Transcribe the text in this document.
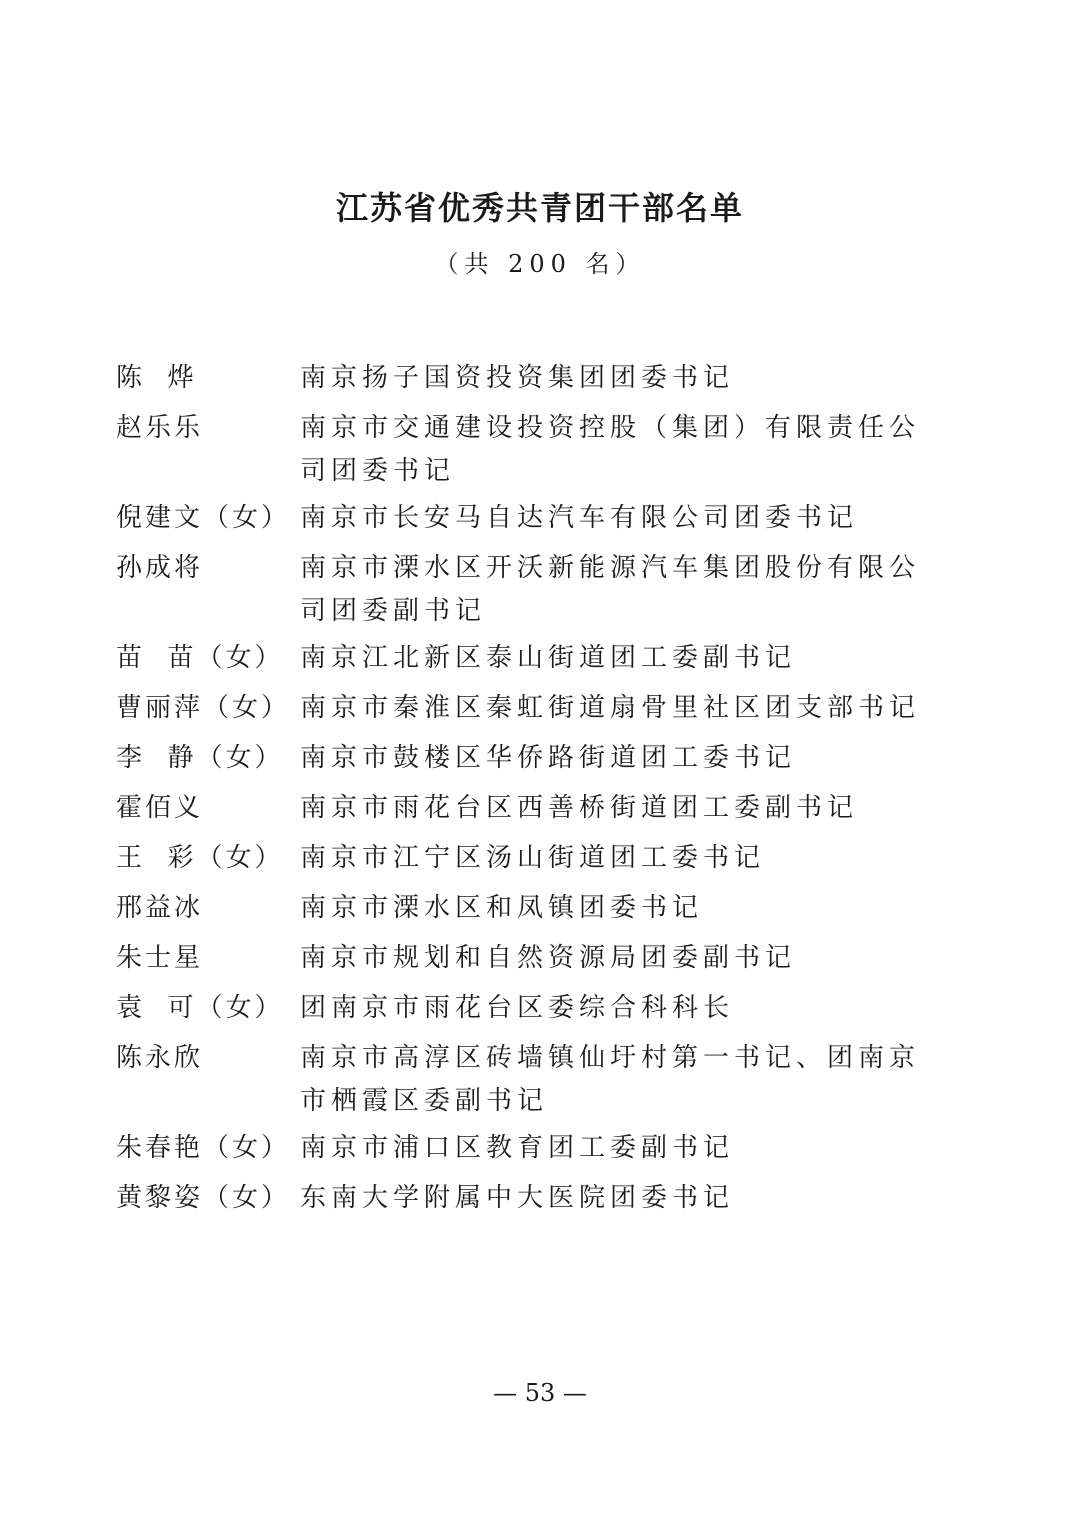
江苏省优秀共青团干部名单
（共 200 名）
陈  烨	南京扬子国资投资集团团委书记
赵乐乐	南京市交通建设投资控股（集团）有限责任公司团委书记
倪建文（女） 南京市长安马自达汽车有限公司团委书记
孙成将	南京市溧水区开沃新能源汽车集团股份有限公司团委副书记
苗  苗（女） 南京江北新区泰山街道团工委副书记
曹丽萍（女） 南京市秦淮区秦虹街道扇骨里社区团支部书记
李  静（女） 南京市鼓楼区华侨路街道团工委书记
霍佰义	南京市雨花台区西善桥街道团工委副书记
王  彩（女） 南京市江宁区汤山街道团工委书记
邢益冰	南京市溧水区和凤镇团委书记
朱士星	南京市规划和自然资源局团委副书记
袁  可（女） 团南京市雨花台区委综合科科长
陈永欣	南京市高淳区砖墙镇仙圩村第一书记、团南京市栖霞区委副书记
朱春艳（女） 南京市浦口区教育团工委副书记
黄黎姿（女） 东南大学附属中大医院团委书记
— 53 —
